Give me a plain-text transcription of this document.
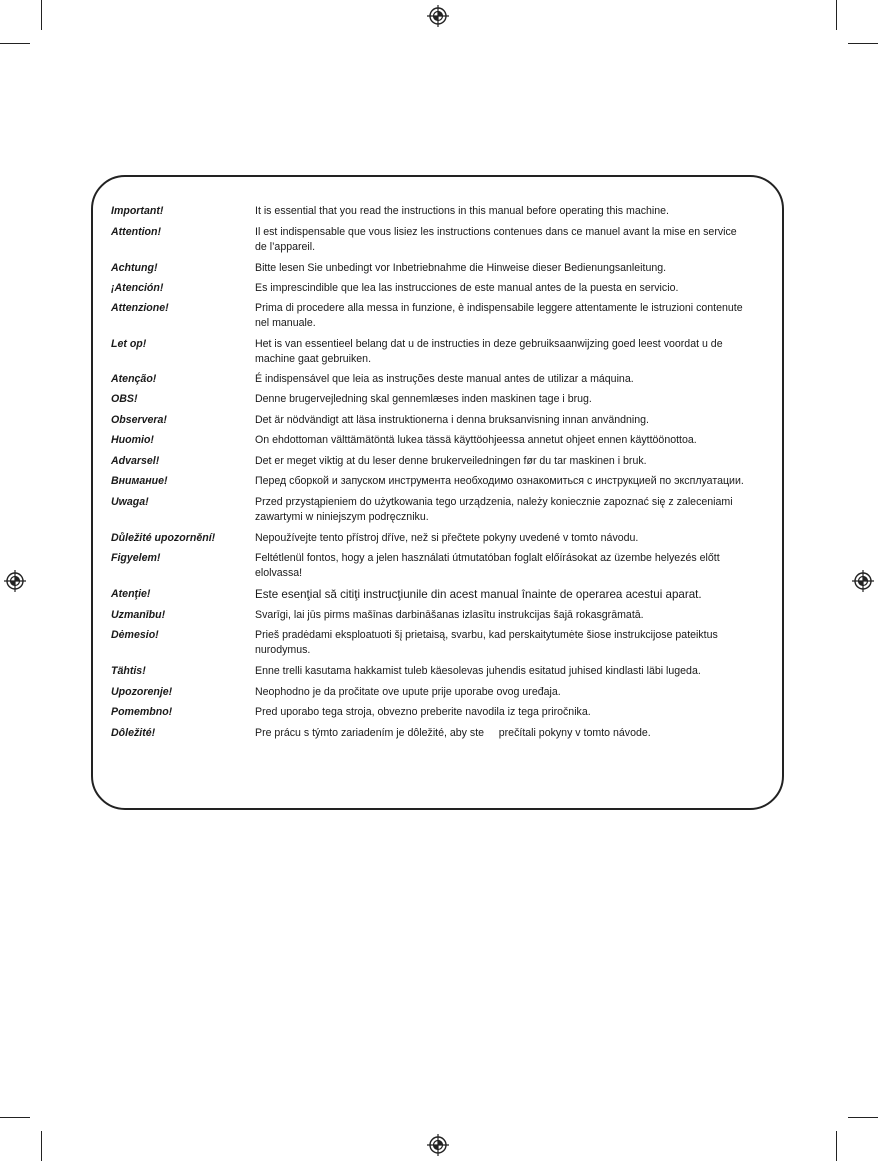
Important!	It is essential that you read the instructions in this manual before operating this machine.
Attention!	Il est indispensable que vous lisiez les instructions contenues dans ce manuel avant la mise en service
de l’appareil.
Achtung!	Bitte lesen Sie unbedingt vor Inbetriebnahme die Hinweise dieser Bedienungsanleitung.
¡Atención!	Es imprescindible que lea las instrucciones de este manual antes de la puesta en servicio.
Attenzione!	Prima di procedere alla messa in funzione, è indispensabile leggere attentamente le istruzioni contenute
nel manuale.
Let op!	Het is van essentieel belang dat u de instructies in deze gebruiksaanwijzing goed leest voordat u de
machine gaat gebruiken.
Atenção!	É indispensável que leia as instruções deste manual antes de utilizar a máquina.
OBS!	Denne brugervejledning skal gennemlæses inden maskinen tage i brug.
Observera!	Det är nödvändigt att läsa instruktionerna i denna bruksanvisning innan användning.
Huomio!	On ehdottoman välttämätöntä lukea tässä käyttöohjeessa annetut ohjeet ennen käyttöönottoa.
Advarsel!	Det er meget viktig at du leser denne brukerveiledningen før du tar maskinen i bruk.
Внимание!	Перед сборкой и запуском инструмента необходимо ознакомиться с инструкцией по эксплуатации.
Uwaga!	Przed przystąpieniem do użytkowania tego urządzenia, należy koniecznie zapoznać się z zaleceniami
zawartymi w niniejszym podręczniku.
Důležité upozornění!	Nepoužívejte tento přístroj dříve, než si přečtete pokyny uvedené v tomto návodu.
Figyelem!	Feltétlenül fontos, hogy a jelen használati útmutatóban foglalt előírásokat az üzembe helyezés előtt
elolvassa!
Atenţie!	Este esenţial să citiţi instrucţiunile din acest manual înainte de operarea acestui aparat.
Uzmanību!	Svarīgi, lai jūs pirms mašīnas darbināšanas izlasītu instrukcijas šajā rokasgrāmatā.
Dėmesio!	Prieš pradėdami eksploatuoti šį prietaisą, svarbu, kad perskaitytumėte šiose instrukcijose pateiktus
nurodymus.
Tähtis!	Enne trelli kasutama hakkamist tuleb käesolevas juhendis esitatud juhised kindlasti läbi lugeda.
Upozorenje!	Neophodno je da pročitate ove upute prije uporabe ovog uređaja.
Pomembno!	Pred uporabo tega stroja, obvezno preberite navodila iz tega priročnika.
Dôležité!	Pre prácu s týmto zariadením je dôležité, aby ste     prečítali pokyny v tomto návode.
